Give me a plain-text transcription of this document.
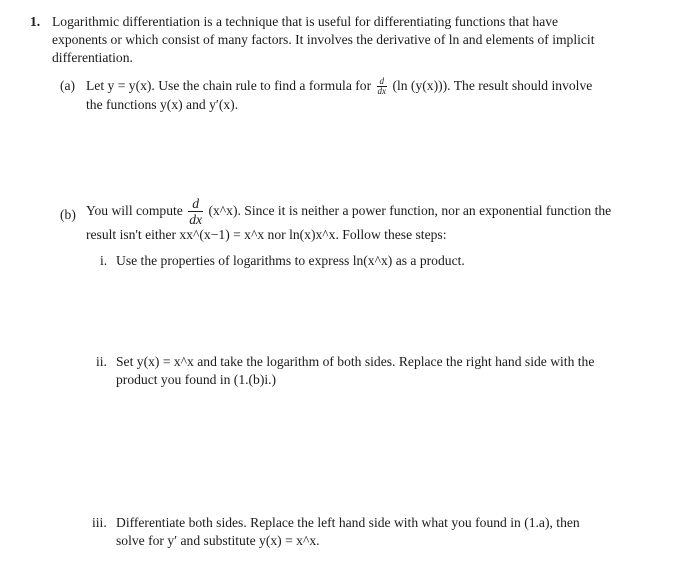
1. Logarithmic differentiation is a technique that is useful for differentiating functions that have
exponents or which consist of many factors. It involves the derivative of ln and elements of implicit
differentiation.
(a) Let y = y(x). Use the chain rule to find a formula for $\frac{d}{dx} (\ln$ (y(x))). The result should involve
the functions y(x) and y′(x).
(b) You will compute $\frac{d}{dx}$ (x^x). Since it is neither a power function, nor an exponential function the
result isn't either xx^(x−1) = x^x nor ln(x)x^x. Follow these steps:
i. Use the properties of logarithms to express ln(x^x) as a product.
ii. Set y(x) = x^x and take the logarithm of both sides. Replace the right hand side with the
product you found in (1.(b)i.)
iii. Differentiate both sides. Replace the left hand side with what you found in (1.a), then
solve for y′ and substitute y(x) = x^x.
